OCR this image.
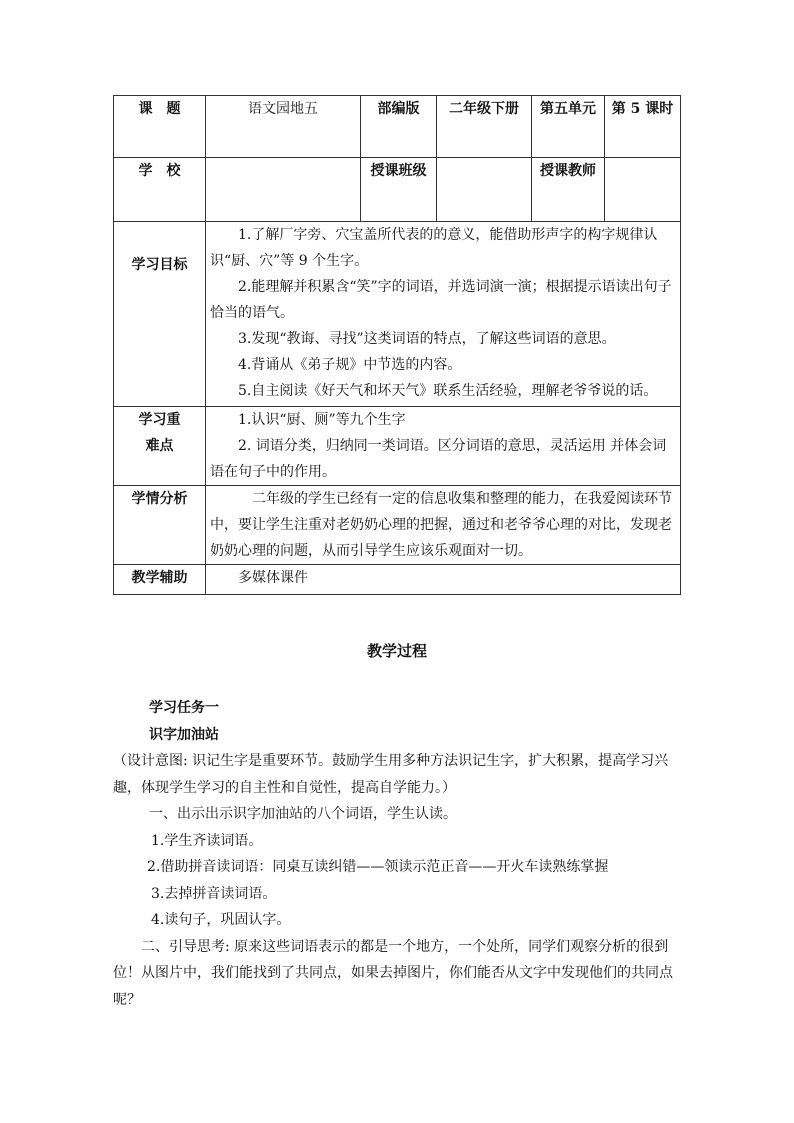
课　题	语文园地五	部编版	二年级下册	第五单元	第 5 课时
学　校		授课班级		授课教师	
学习目标	1.了解厂字旁、穴宝盖所代表的的意义，能借助形声字的构字规律认识“厨、穴”等 9 个生字。

2.能理解并积累含“笑”字的词语，并选词演一演；根据提示语读出句子恰当的语气。

3.发现“教诲、寻找”这类词语的特点，了解这些词语的意思。

4.背诵从《弟子规》中节选的内容。

5.自主阅读《好天气和坏天气》联系生活经验，理解老爷爷说的话。				

学习重难点	1.认识“厨、厕”等九个生字

2. 词语分类，归纳同一类词语。区分词语的意思，灵活运用 并体会词语在句子中的作用。				

学情分析	二年级的学生已经有一定的信息收集和整理的能力，在我爱阅读环节中，要让学生注重对老奶奶心理的把握，通过和老爷爷心理的对比，发现老奶奶心理的问题，从而引导学生应该乐观面对一切。				

教学辅助	多媒体课件				

教学过程

学习任务一

识字加油站

（设计意图: 识记生字是重要环节。鼓励学生用多种方法识记生字，扩大积累，提高学习兴趣，体现学生学习的自主性和自觉性，提高自学能力。）

一、出示出示识字加油站的八个词语，学生认读。

1.学生齐读词语。

2.借助拼音读词语：同桌互读纠错——领读示范正音——开火车读熟练掌握

3.去掉拼音读词语。

4.读句子，巩固认字。

二、引导思考: 原来这些词语表示的都是一个地方，一个处所，同学们观察分析的很到位！从图片中，我们能找到了共同点，如果去掉图片，你们能否从文字中发现他们的共同点呢？
